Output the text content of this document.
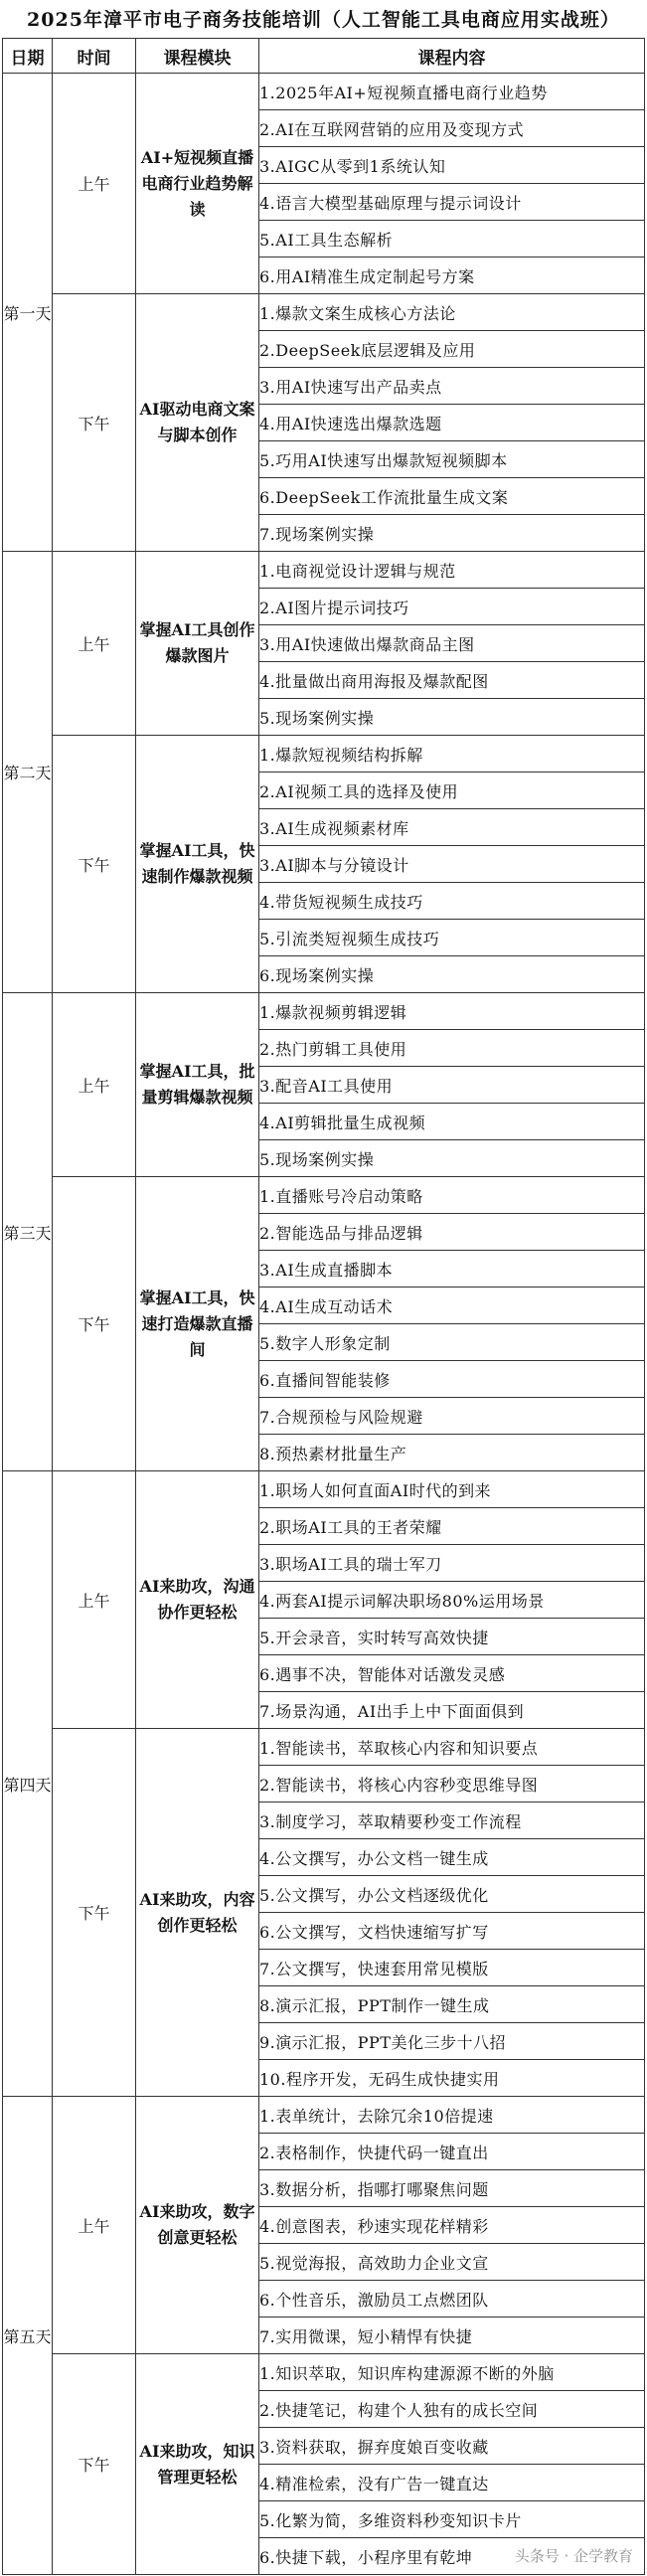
2025年漳平市电子商务技能培训（人工智能工具电商应用实战班）
日期	时间	课程模块	课程内容
第一天	上午	AI+短视频直播电商行业趋势解读	1.2025年AI+短视频直播电商行业趋势
			2.AI在互联网营销的应用及变现方式
			3.AIGC从零到1系统认知
			4.语言大模型基础原理与提示词设计
			5.AI工具生态解析
			6.用AI精准生成定制起号方案
	下午	AI驱动电商文案与脚本创作	1.爆款文案生成核心方法论
			2.DeepSeek底层逻辑及应用
			3.用AI快速写出产品卖点
			4.用AI快速选出爆款选题
			5.巧用AI快速写出爆款短视频脚本
			6.DeepSeek工作流批量生成文案
			7.现场案例实操
第二天	上午	掌握AI工具创作爆款图片	1.电商视觉设计逻辑与规范
			2.AI图片提示词技巧
			3.用AI快速做出爆款商品主图
			4.批量做出商用海报及爆款配图
			5.现场案例实操
	下午	掌握AI工具，快速制作爆款视频	1.爆款短视频结构拆解
			2.AI视频工具的选择及使用
			3.AI生成视频素材库
			3.AI脚本与分镜设计
			4.带货短视频生成技巧
			5.引流类短视频生成技巧
			6.现场案例实操
第三天	上午	掌握AI工具，批量剪辑爆款视频	1.爆款视频剪辑逻辑
			2.热门剪辑工具使用
			3.配音AI工具使用
			4.AI剪辑批量生成视频
			5.现场案例实操
	下午	掌握AI工具，快速打造爆款直播间	1.直播账号冷启动策略
			2.智能选品与排品逻辑
			3.AI生成直播脚本
			4.AI生成互动话术
			5.数字人形象定制
			6.直播间智能装修
			7.合规预检与风险规避
			8.预热素材批量生产
第四天	上午	AI来助攻，沟通协作更轻松	1.职场人如何直面AI时代的到来
			2.职场AI工具的王者荣耀
			3.职场AI工具的瑞士军刀
			4.两套AI提示词解决职场80%运用场景
			5.开会录音，实时转写高效快捷
			6.遇事不决，智能体对话激发灵感
			7.场景沟通，AI出手上中下面面俱到
	下午	AI来助攻，内容创作更轻松	1.智能读书，萃取核心内容和知识要点
			2.智能读书，将核心内容秒变思维导图
			3.制度学习，萃取精要秒变工作流程
			4.公文撰写，办公文档一键生成
			5.公文撰写，办公文档逐级优化
			6.公文撰写，文档快速缩写扩写
			7.公文撰写，快速套用常见模版
			8.演示汇报，PPT制作一键生成
			9.演示汇报，PPT美化三步十八招
			10.程序开发，无码生成快捷实用
第五天	上午	AI来助攻，数字创意更轻松	1.表单统计，去除冗余10倍提速
			2.表格制作，快捷代码一键直出
			3.数据分析，指哪打哪聚焦问题
			4.创意图表，秒速实现花样精彩
			5.视觉海报，高效助力企业文宣
			6.个性音乐，激励员工点燃团队
			7.实用微课，短小精悍有快捷
	下午	AI来助攻，知识管理更轻松	1.知识萃取，知识库构建源源不断的外脑
			2.快捷笔记，构建个人独有的成长空间
			3.资料获取，摒弃度娘百变收藏
			4.精准检索，没有广告一键直达
			5.化繁为简，多维资料秒变知识卡片
			6.快捷下载，小程序里有乾坤	头条号 · 企学教育
